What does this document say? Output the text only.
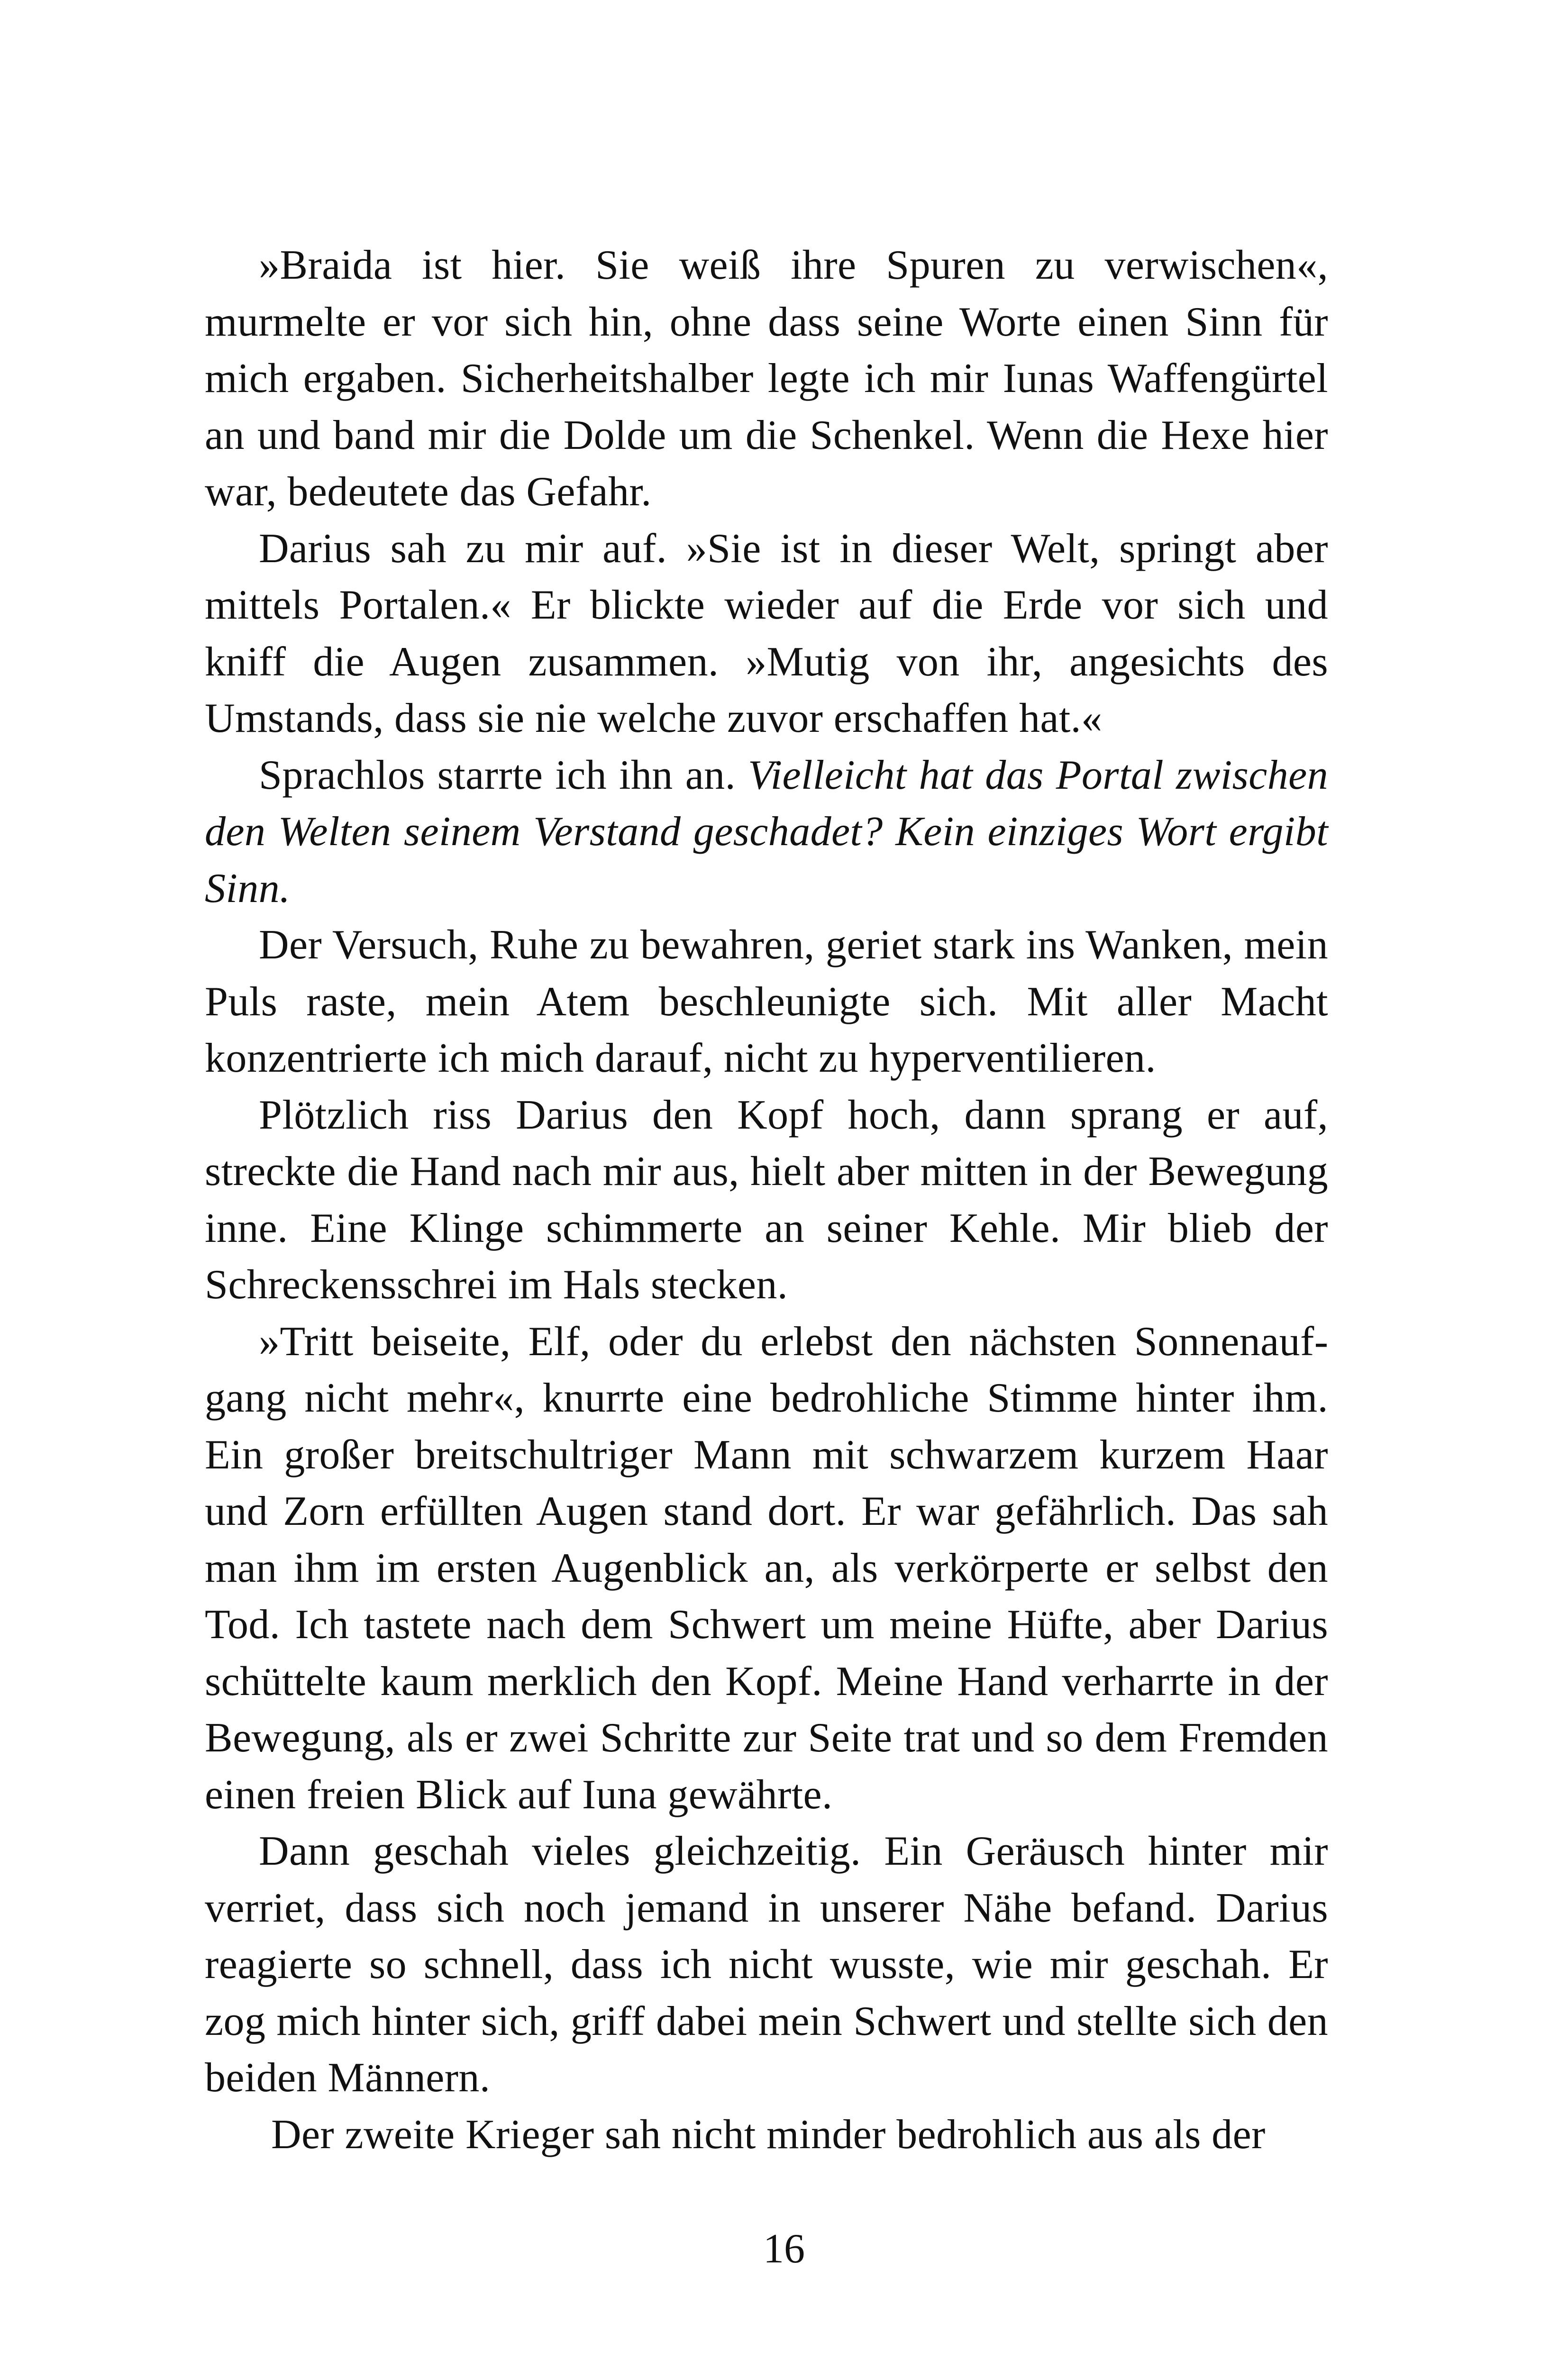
»Braida ist hier. Sie weiß ihre Spuren zu verwischen«, murmelte er vor sich hin, ohne dass seine Worte einen Sinn für mich ergaben. Sicherheitshalber legte ich mir Iunas Waffengürtel an und band mir die Dolde um die Schenkel. Wenn die Hexe hier war, bedeutete das Gefahr.

Darius sah zu mir auf. »Sie ist in dieser Welt, springt aber mittels Portalen.« Er blickte wieder auf die Erde vor sich und kniff die Augen zusammen. »Mutig von ihr, angesichts des Umstands, dass sie nie welche zuvor erschaffen hat.«

Sprachlos starrte ich ihn an. Vielleicht hat das Portal zwischen den Welten seinem Verstand geschadet? Kein einziges Wort ergibt Sinn.

Der Versuch, Ruhe zu bewahren, geriet stark ins Wanken, mein Puls raste, mein Atem beschleunigte sich. Mit aller Macht konzentrierte ich mich darauf, nicht zu hyperventilieren.

Plötzlich riss Darius den Kopf hoch, dann sprang er auf, streckte die Hand nach mir aus, hielt aber mitten in der Bewegung inne. Eine Klinge schimmerte an seiner Kehle. Mir blieb der Schreckensschrei im Hals stecken.

»Tritt beiseite, Elf, oder du erlebst den nächsten Sonnenaufgang nicht mehr«, knurrte eine bedrohliche Stimme hinter ihm. Ein großer breitschultriger Mann mit schwarzem kurzem Haar und Zorn erfüllten Augen stand dort. Er war gefährlich. Das sah man ihm im ersten Augenblick an, als verkörperte er selbst den Tod. Ich tastete nach dem Schwert um meine Hüfte, aber Darius schüttelte kaum merklich den Kopf. Meine Hand verharrte in der Bewegung, als er zwei Schritte zur Seite trat und so dem Fremden einen freien Blick auf Iuna gewährte.

Dann geschah vieles gleichzeitig. Ein Geräusch hinter mir verriet, dass sich noch jemand in unserer Nähe befand. Darius reagierte so schnell, dass ich nicht wusste, wie mir geschah. Er zog mich hinter sich, griff dabei mein Schwert und stellte sich den beiden Männern.

Der zweite Krieger sah nicht minder bedrohlich aus als der

16
